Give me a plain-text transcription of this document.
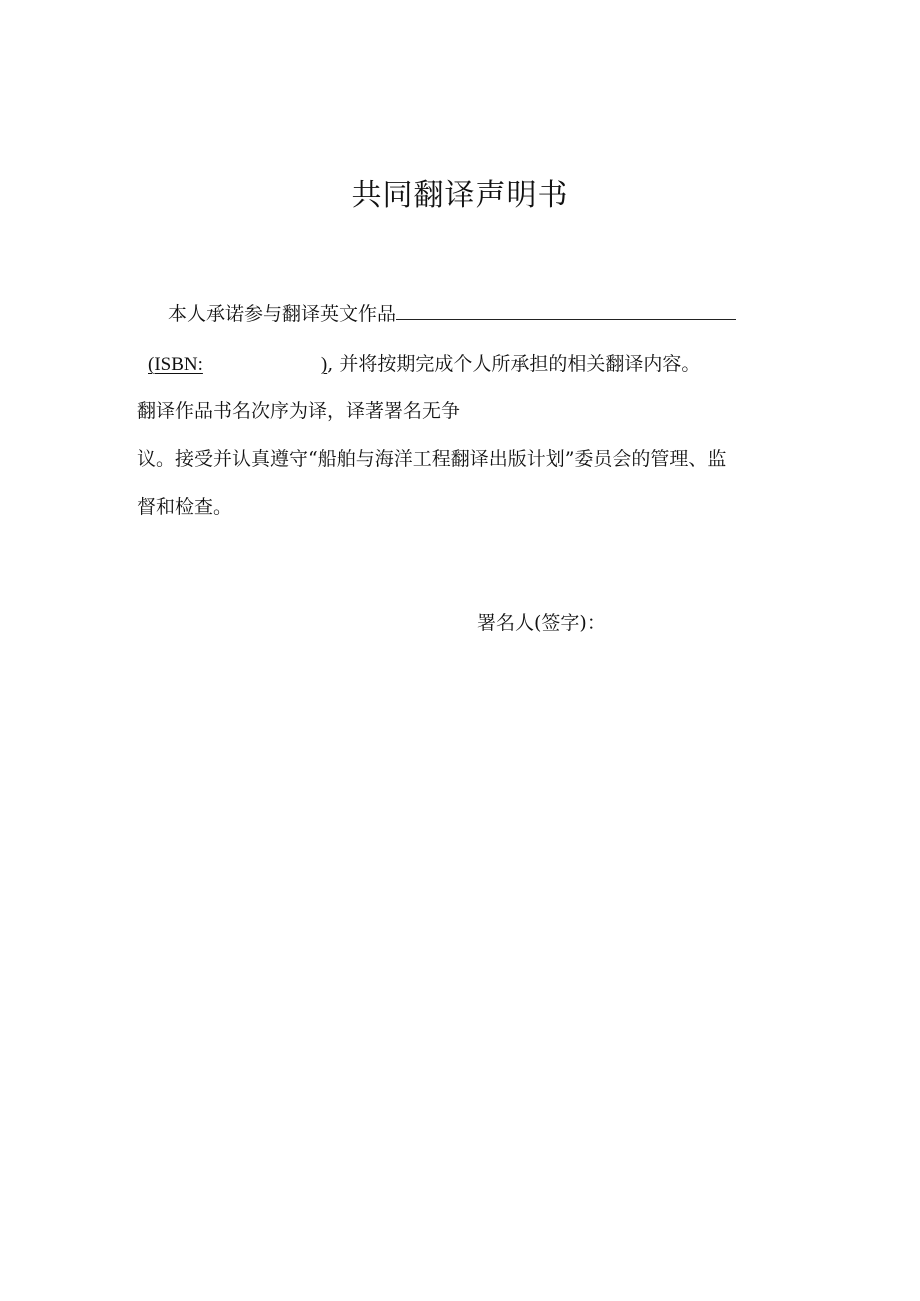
共同翻译声明书
本人承诺参与翻译英文作品
(ISBN:	), 并将按期完成个人所承担的相关翻译内容。
翻译作品书名次序为译，译著署名无争
议。接受并认真遵守“船舶与海洋工程翻译出版计划”委员会的管理、监
督和检查。
署名人(签字)：
